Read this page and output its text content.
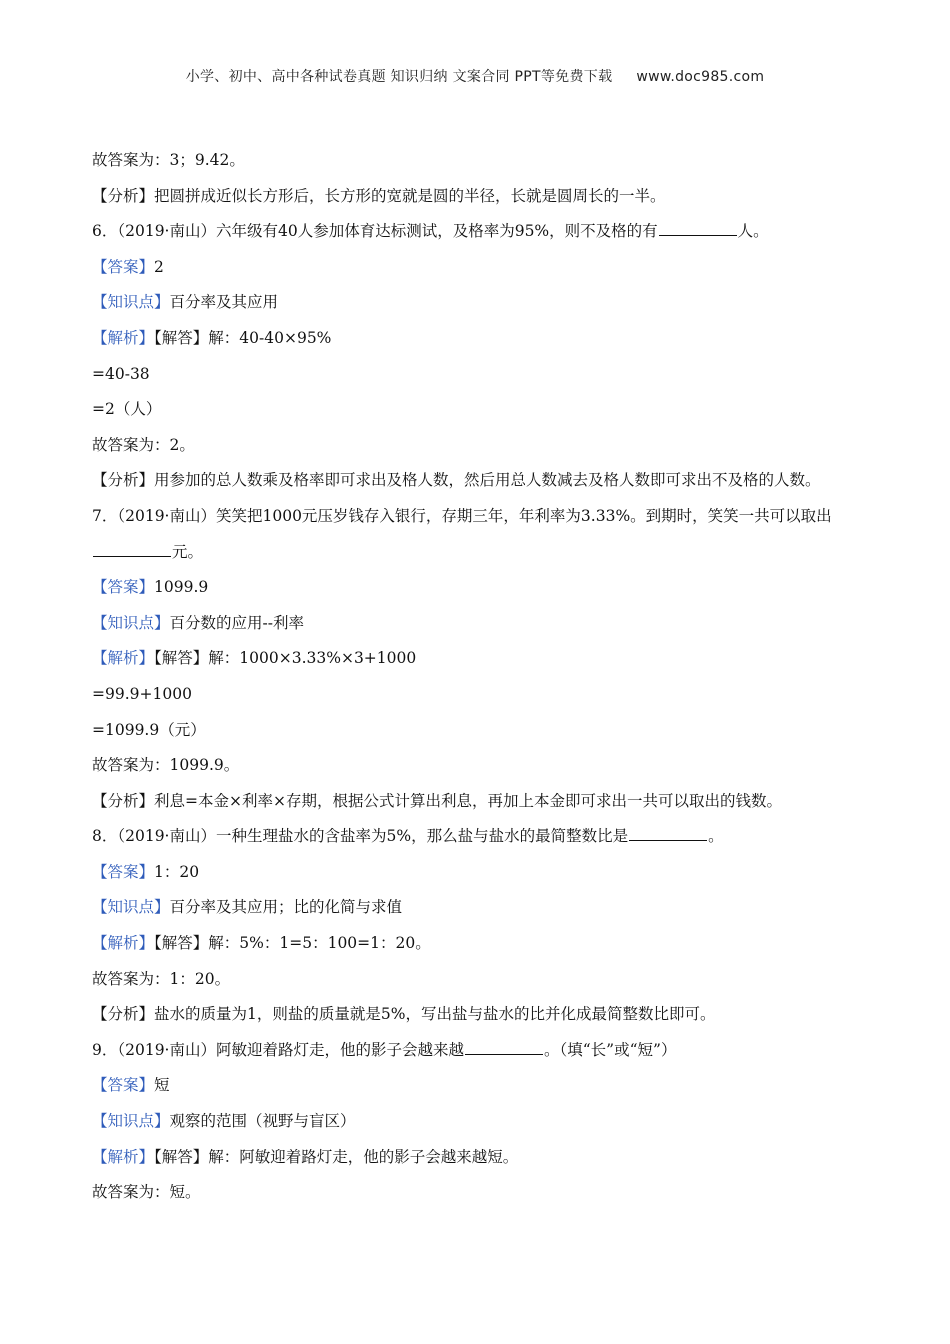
小学、初中、高中各种试卷真题 知识归纳 文案合同 PPT等免费下载 www.doc985.com
故答案为：3；9.42。
【分析】把圆拼成近似长方形后，长方形的宽就是圆的半径，长就是圆周长的一半。
6．（2019·南山）六年级有40人参加体育达标测试，及格率为95%，则不及格的有	人。
【答案】2
【知识点】百分率及其应用
【解析】【解答】解：40-40×95%
=40-38
=2（人）
故答案为：2。
【分析】用参加的总人数乘及格率即可求出及格人数，然后用总人数减去及格人数即可求出不及格的人数。
7．（2019·南山）笑笑把1000元压岁钱存入银行，存期三年，年利率为3.33%。到期时，笑笑一共可以取出元。
【答案】1099.9
【知识点】百分数的应用--利率
【解析】【解答】解：1000×3.33%×3+1000
=99.9+1000
=1099.9（元）
故答案为：1099.9。
【分析】利息=本金×利率×存期，根据公式计算出利息，再加上本金即可求出一共可以取出的钱数。
8．（2019·南山）一种生理盐水的含盐率为5%，那么盐与盐水的最简整数比是	。
【答案】1：20
【知识点】百分率及其应用；比的化简与求值
【解析】【解答】解：5%：1=5：100=1：20。
故答案为：1：20。
【分析】盐水的质量为1，则盐的质量就是5%，写出盐与盐水的比并化成最简整数比即可。
9．（2019·南山）阿敏迎着路灯走，他的影子会越来越	。（填“长”或“短”）
【答案】短
【知识点】观察的范围（视野与盲区）
【解析】【解答】解：阿敏迎着路灯走，他的影子会越来越短。
故答案为：短。
